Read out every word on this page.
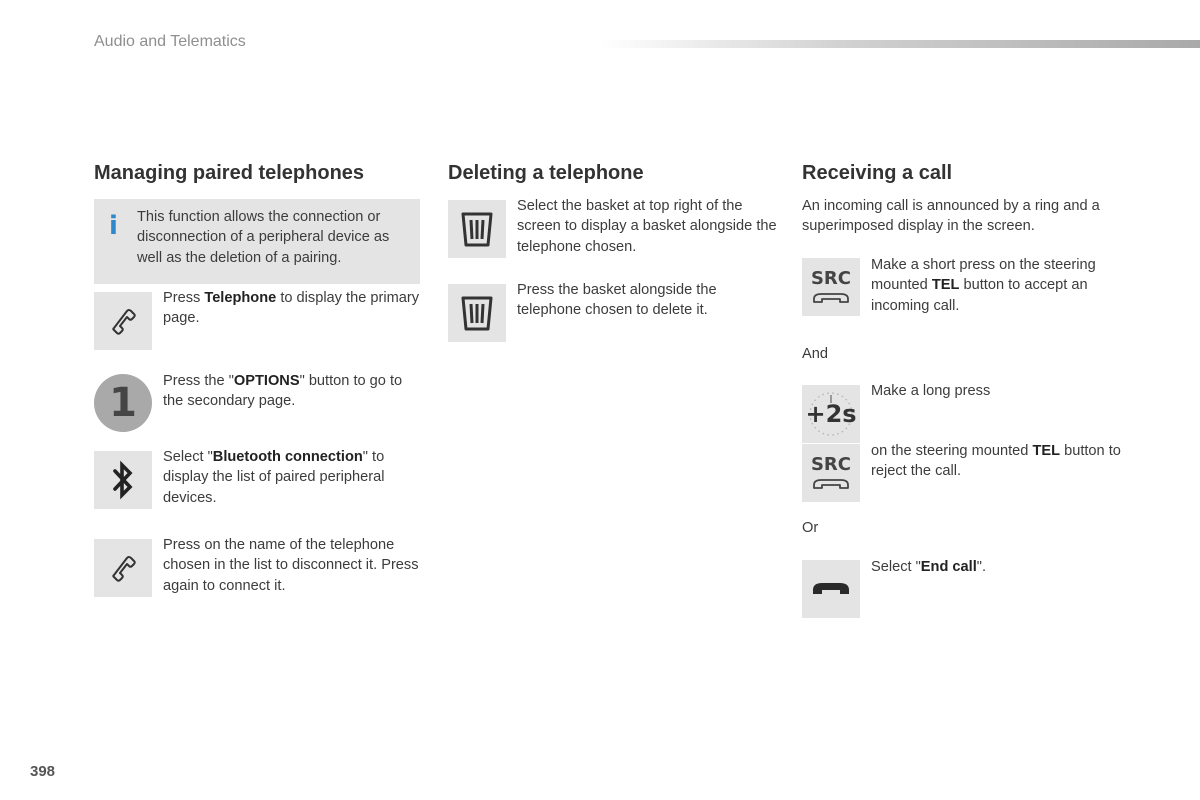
Audio and Telematics
Managing paired telephones
i This function allows the connection or disconnection of a peripheral device as well as the deletion of a pairing.
Press Telephone to display the primary page.
1	Press the "OPTIONS" button to go to the secondary page.
Select "Bluetooth connection" to display the list of paired peripheral devices.
Press on the name of the telephone chosen in the list to disconnect it. Press again to connect it.
Deleting a telephone
Select the basket at top right of the screen to display a basket alongside the telephone chosen.
Press the basket alongside the telephone chosen to delete it.
Receiving a call
An incoming call is announced by a ring and a superimposed display in the screen.
SRC
Make a short press on the steering mounted TEL button to accept an incoming call.
And
+2s
Make a long press
SRC
on the steering mounted TEL button to reject the call.
Or
Select "End call".
398
